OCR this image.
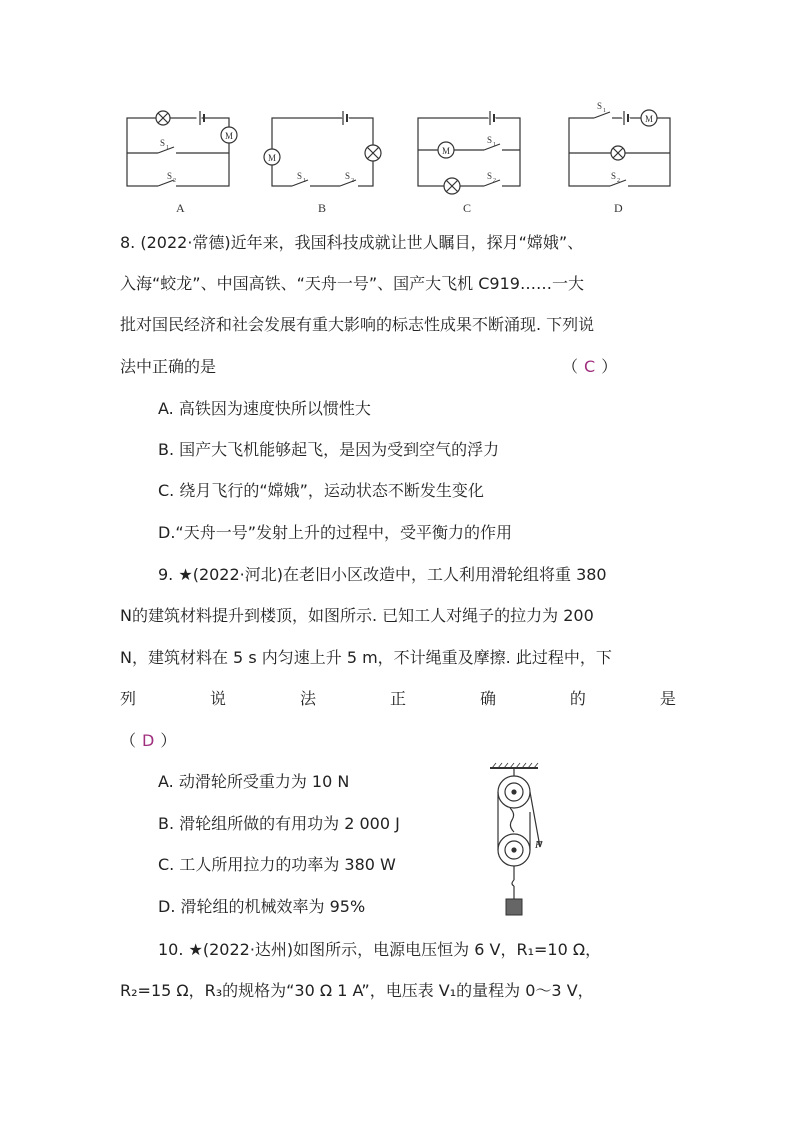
M
M
M
M
S 1
S 2	S 1	S 2
S 1
S 2
S 1
S 2
A	B	C	D
8. (2022·常德)近年来，我国科技成就让世人瞩目，探月“嫦娥”、
入海“蛟龙”、中国高铁、“天舟一号”、国产大飞机 C919……一大
批对国民经济和社会发展有重大影响的标志性成果不断涌现. 下列说
法中正确的是	（ C ）
A. 高铁因为速度快所以惯性大
B. 国产大飞机能够起飞，是因为受到空气的浮力
C. 绕月飞行的“嫦娥”，运动状态不断发生变化
D.“天舟一号”发射上升的过程中，受平衡力的作用
9. ★(2022·河北)在老旧小区改造中，工人利用滑轮组将重 380
N的建筑材料提升到楼顶，如图所示. 已知工人对绳子的拉力为 200
N，建筑材料在 5 s 内匀速上升 5 m，不计绳重及摩擦. 此过程中，下
列	说	法	正	确	的	是
（ D ）
A. 动滑轮所受重力为 10 N
B. 滑轮组所做的有用功为 2 000 J
C. 工人所用拉力的功率为 380 W
D. 滑轮组的机械效率为 95%
F
10. ★(2022·达州)如图所示，电源电压恒为 6 V，R₁=10 Ω，
R₂=15 Ω，R₃的规格为“30 Ω 1 A”，电压表 V₁的量程为 0～3 V，
